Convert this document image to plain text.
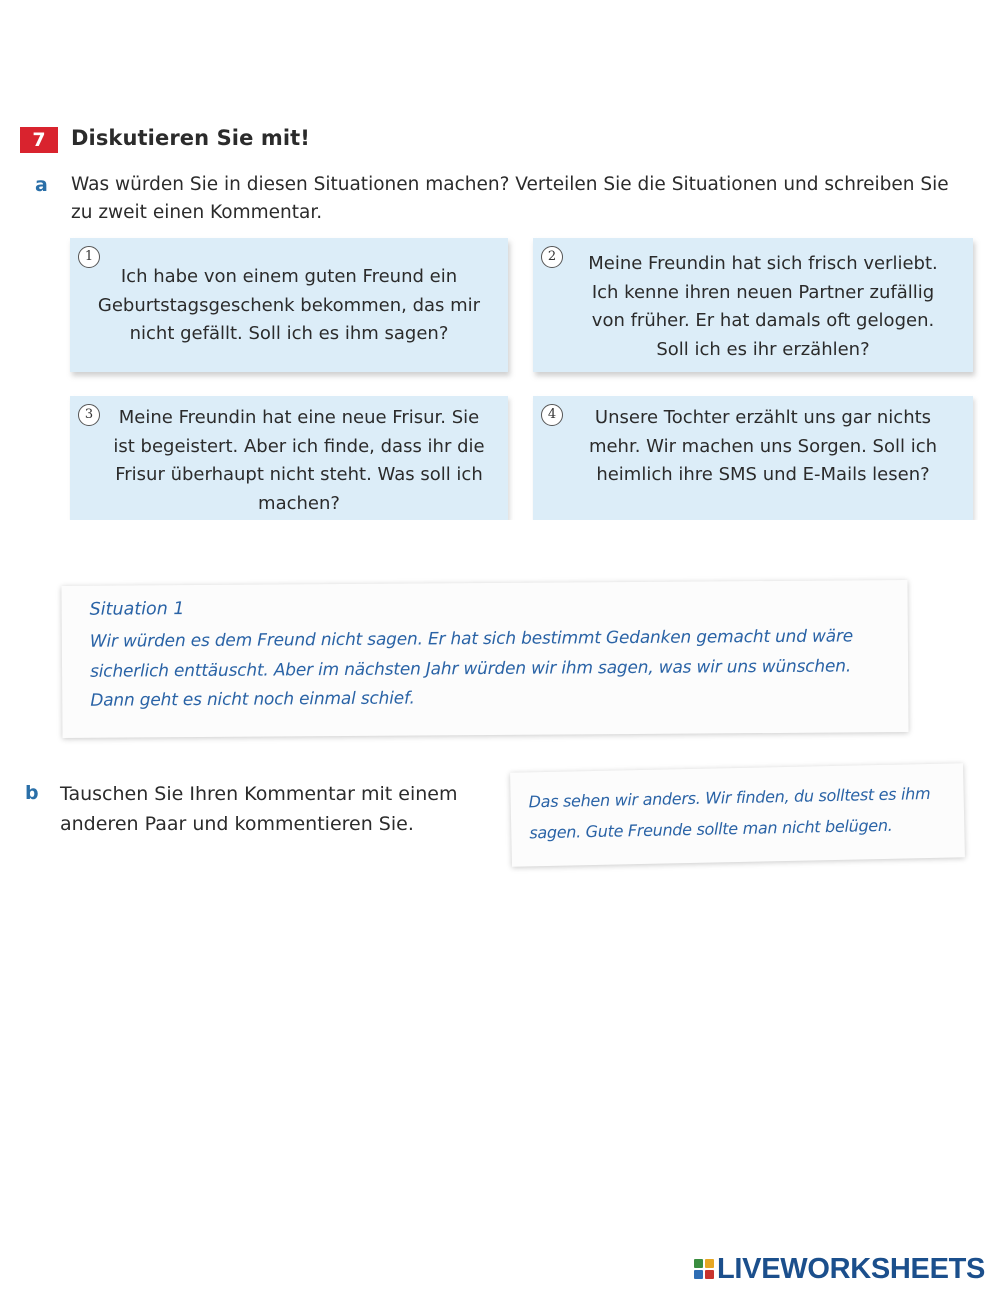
7	Diskutieren Sie mit!
a Was würden Sie in diesen Situationen machen? Verteilen Sie die Situationen und schreiben Sie zu zweit einen Kommentar.
1
Ich habe von einem guten Freund ein Geburtstagsgeschenk bekommen, das mir nicht gefällt. Soll ich es ihm sagen?
2	Meine Freundin hat sich frisch verliebt. Ich kenne ihren neuen Partner zufällig von früher. Er hat damals oft gelogen. Soll ich es ihr erzählen?
3	Meine Freundin hat eine neue Frisur. Sie ist begeistert. Aber ich finde, dass ihr die Frisur überhaupt nicht steht. Was soll ich machen?
4	Unsere Tochter erzählt uns gar nichts mehr. Wir machen uns Sorgen. Soll ich heimlich ihre SMS und E-Mails lesen?
Situation 1
Wir würden es dem Freund nicht sagen. Er hat sich bestimmt Gedanken gemacht und wäre sicherlich enttäuscht. Aber im nächsten Jahr würden wir ihm sagen, was wir uns wünschen. Dann geht es nicht noch einmal schief.
b Tauschen Sie Ihren Kommentar mit einem anderen Paar und kommentieren Sie.
Das sehen wir anders. Wir finden, du solltest es ihm sagen. Gute Freunde sollte man nicht belügen.
LIVEWORKSHEETS
